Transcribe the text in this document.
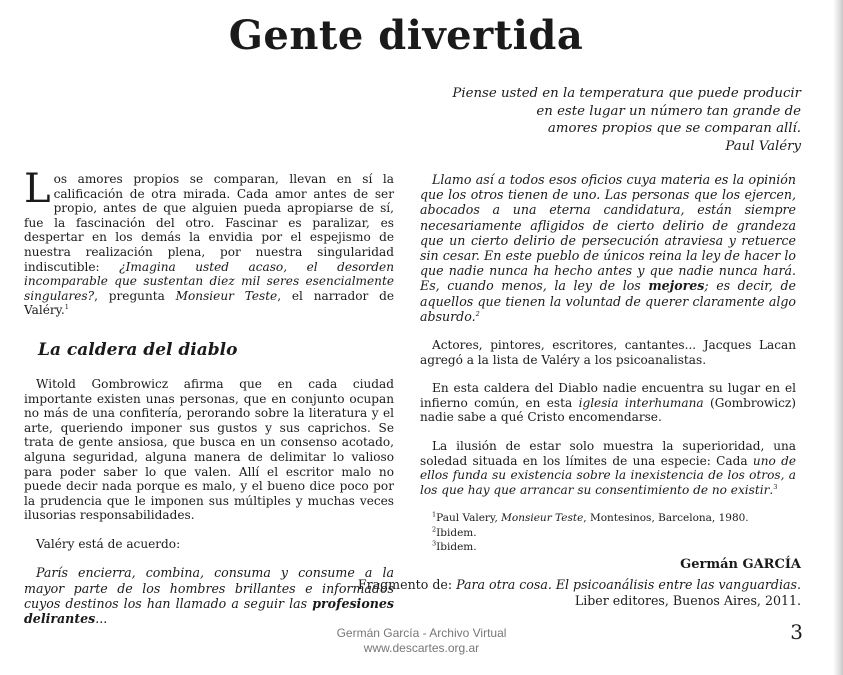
Gente divertida
Piense usted en la temperatura que puede producir
en este lugar un número tan grande de
amores propios que se comparan allí.

Paul Valéry

Los amores propios se comparan, llevan en sí la calificación de otra mirada. Cada amor antes de ser propio, antes de que alguien pueda apropiarse de sí, fue la fascinación del otro. Fascinar es paralizar, es despertar en los demás la envidia por el espejismo de nuestra realización plena, por nuestra singularidad indiscutible: ¿Imagina usted acaso, el desorden incomparable que sustentan diez mil seres esencialmente singulares?, pregunta Monsieur Teste, el narrador de Valéry.$^1$

La caldera del diablo

Witold Gombrowicz afirma que en cada ciudad importante existen unas personas, que en conjunto ocupan no más de una confitería, perorando sobre la literatura y el arte, queriendo imponer sus gustos y sus caprichos. Se trata de gente ansiosa, que busca en un consenso acotado, alguna seguridad, alguna manera de delimitar lo valioso para poder saber lo que valen. Allí el escritor malo no puede decir nada porque es malo, y el bueno dice poco por la prudencia que le imponen sus múltiples y muchas veces ilusorias responsabilidades.

Valéry está de acuerdo:

París encierra, combina, consuma y consume a la mayor parte de los hombres brillantes e informados cuyos destinos los han llamado a seguir las profesiones delirantes...

Llamo así a todos esos oficios cuya materia es la opinión que los otros tienen de uno. Las personas que los ejercen, abocados a una eterna candidatura, están siempre necesariamente afligidos de cierto delirio de grandeza que un cierto delirio de persecución atraviesa y retuerce sin cesar. En este pueblo de únicos reina la ley de hacer lo que nadie nunca ha hecho antes y que nadie nunca hará. Es, cuando menos, la ley de los mejores; es decir, de aquellos que tienen la voluntad de querer claramente algo absurdo.$^2$

Actores, pintores, escritores, cantantes... Jacques Lacan agregó a la lista de Valéry a los psicoanalistas.

En esta caldera del Diablo nadie encuentra su lugar en el infierno común, en esta iglesia interhumana (Gombrowicz) nadie sabe a qué Cristo encomendarse.

La ilusión de estar solo muestra la superioridad, una soledad situada en los límites de una especie: Cada uno de ellos funda su existencia sobre la inexistencia de los otros, a los que hay que arrancar su consentimiento de no existir.$^3$

$^1$Paul Valery, Monsieur Teste, Montesinos, Barcelona, 1980.
$^2$Ibidem.
$^3$Ibidem.
Germán GARCÍA
Fragmento de: Para otra cosa. El psicoanálisis entre las vanguardias.
Liber editores, Buenos Aires, 2011.
Germán García - Archivo Virtual
www.descartes.org.ar
3
